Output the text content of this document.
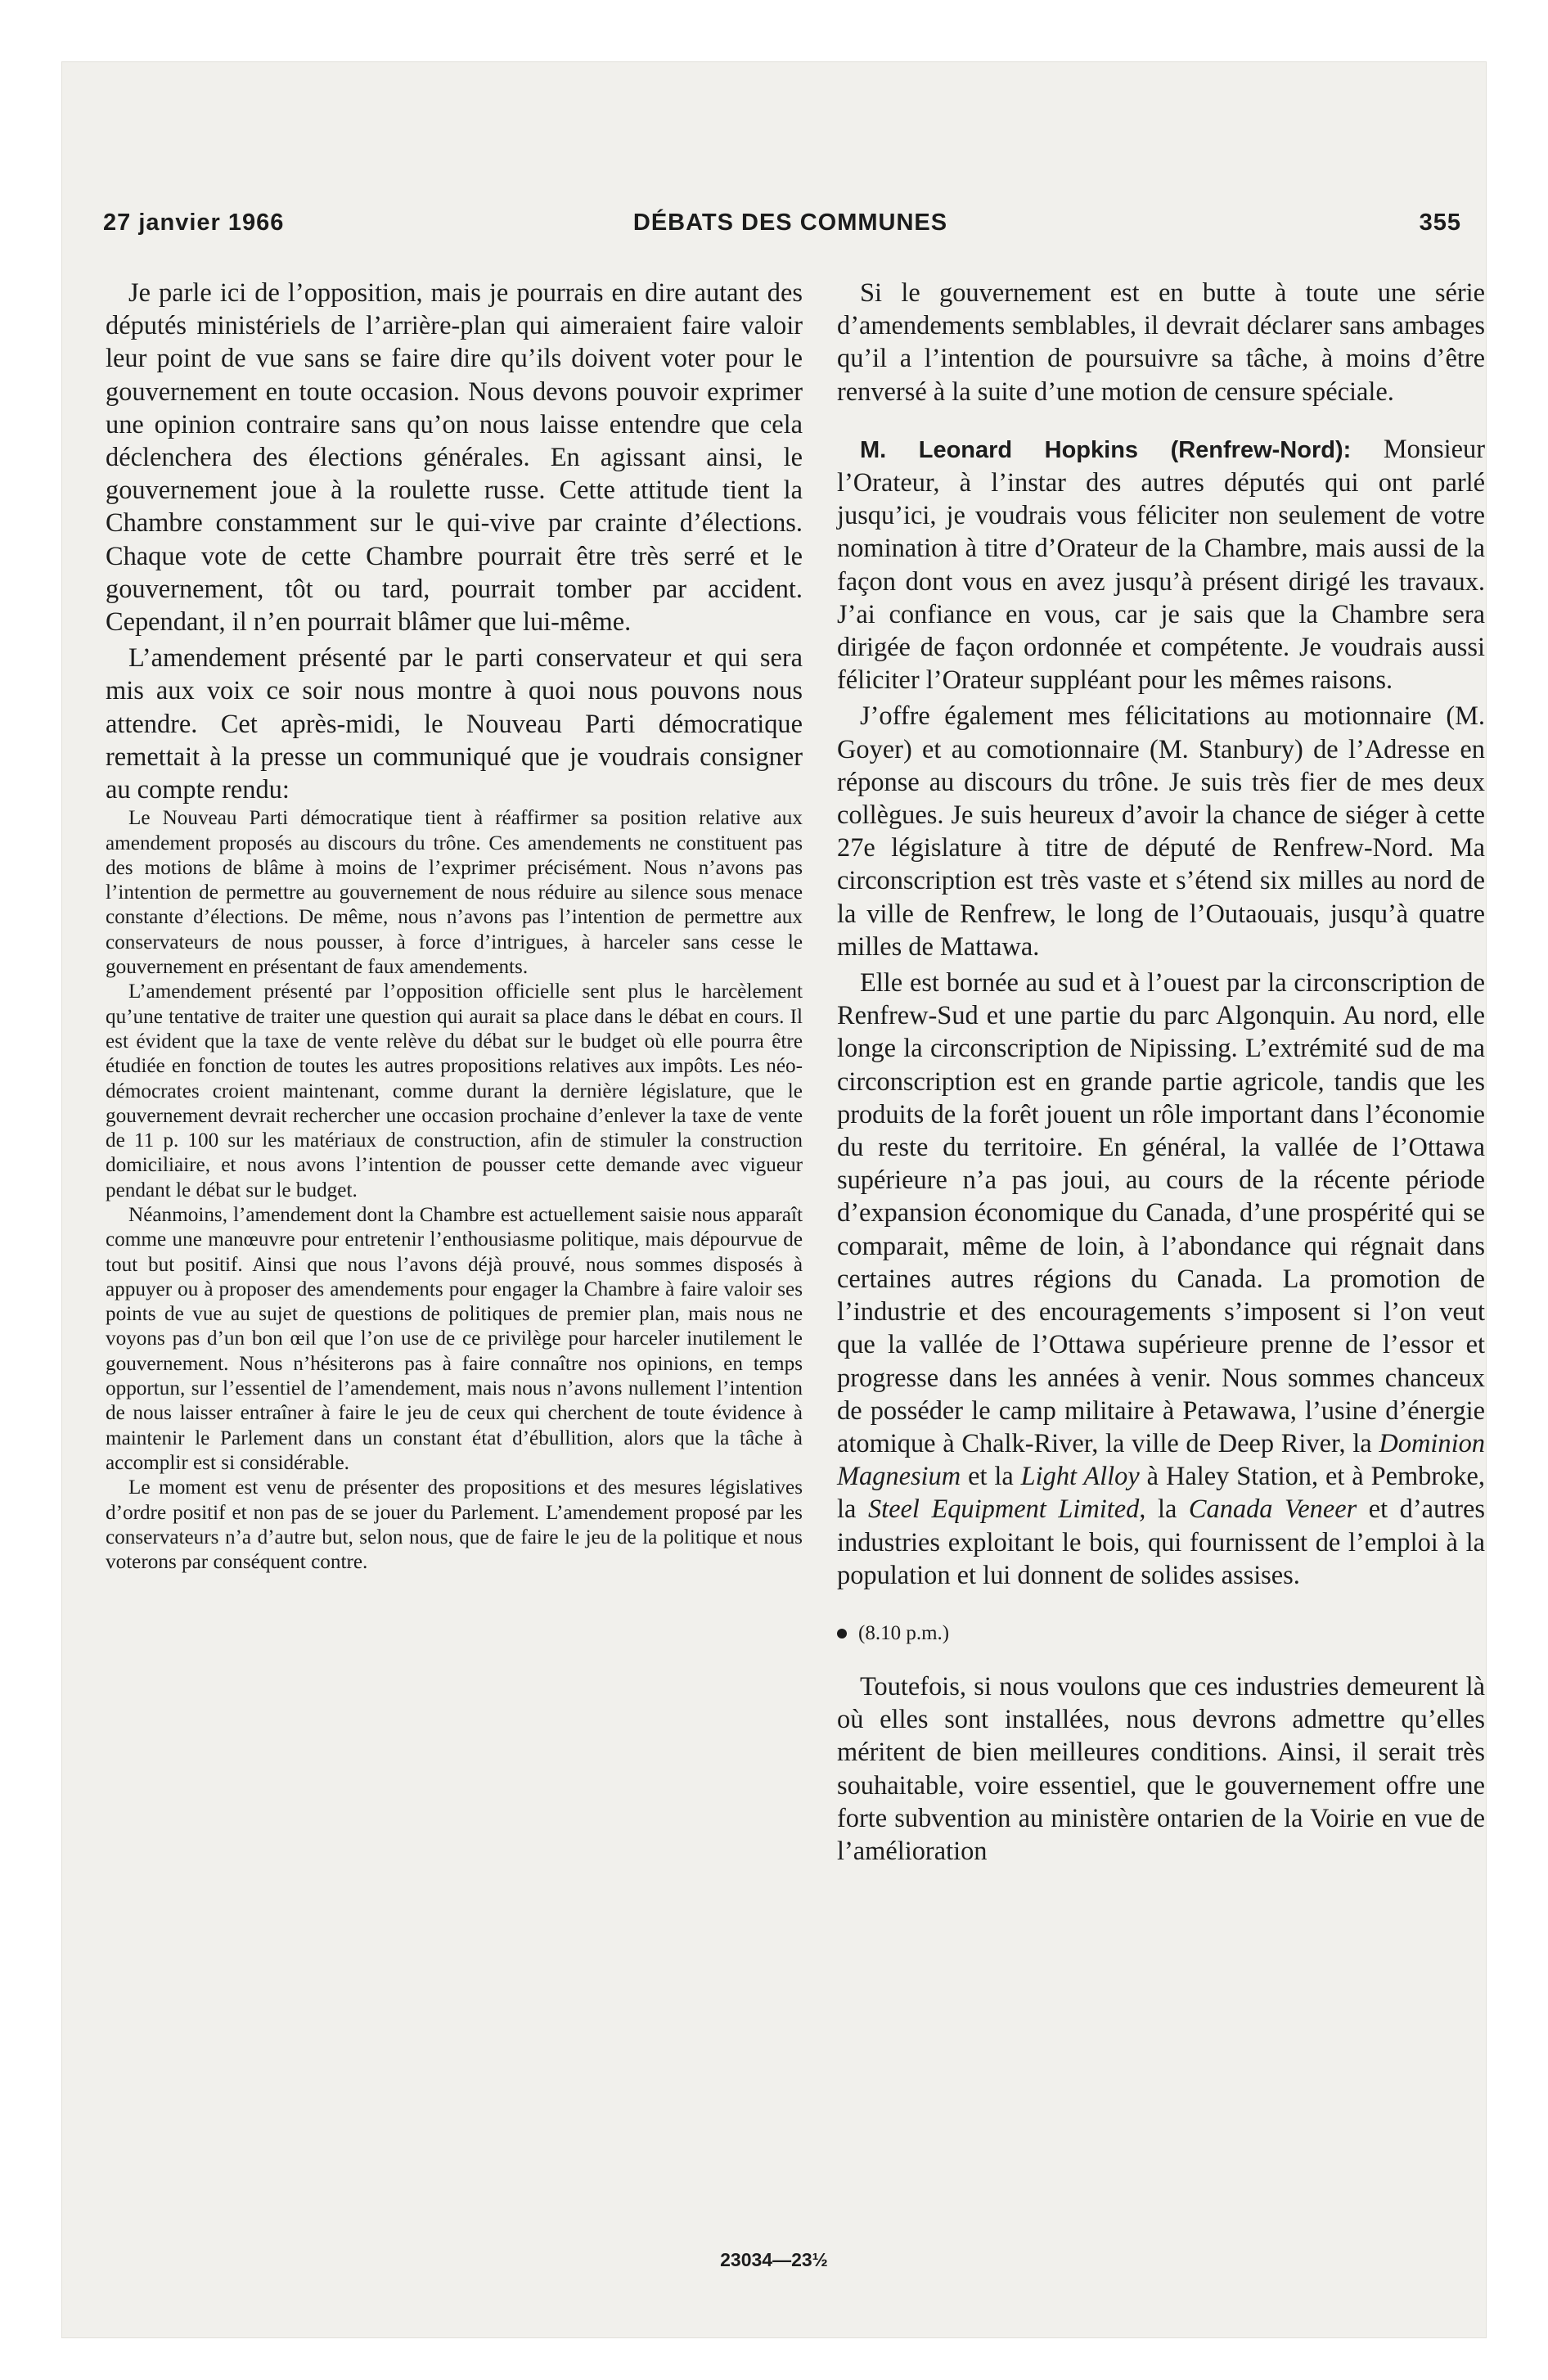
27 janvier 1966	DÉBATS DES COMMUNES	355

Je parle ici de l’opposition, mais je pourrais en dire autant des députés ministériels de l’arrière-plan qui aimeraient faire valoir leur point de vue sans se faire dire qu’ils doivent voter pour le gouvernement en toute occasion. Nous devons pouvoir exprimer une opinion contraire sans qu’on nous laisse entendre que cela déclenchera des élections générales. En agissant ainsi, le gouvernement joue à la roulette russe. Cette attitude tient la Chambre constamment sur le qui-vive par crainte d’élections. Chaque vote de cette Chambre pourrait être très serré et le gouvernement, tôt ou tard, pourrait tomber par accident. Cependant, il n’en pourrait blâmer que lui-même.

L’amendement présenté par le parti conservateur et qui sera mis aux voix ce soir nous montre à quoi nous pouvons nous attendre. Cet après-midi, le Nouveau Parti démocratique remettait à la presse un communiqué que je voudrais consigner au compte rendu:

Le Nouveau Parti démocratique tient à réaffirmer sa position relative aux amendement proposés au discours du trône. Ces amendements ne constituent pas des motions de blâme à moins de l’exprimer précisément. Nous n’avons pas l’intention de permettre au gouvernement de nous réduire au silence sous menace constante d’élections. De même, nous n’avons pas l’intention de permettre aux conservateurs de nous pousser, à force d’intrigues, à harceler sans cesse le gouvernement en présentant de faux amendements.

L’amendement présenté par l’opposition officielle sent plus le harcèlement qu’une tentative de traiter une question qui aurait sa place dans le débat en cours. Il est évident que la taxe de vente relève du débat sur le budget où elle pourra être étudiée en fonction de toutes les autres propositions relatives aux impôts. Les néo-démocrates croient maintenant, comme durant la dernière législature, que le gouvernement devrait rechercher une occasion prochaine d’enlever la taxe de vente de 11 p. 100 sur les matériaux de construction, afin de stimuler la construction domiciliaire, et nous avons l’intention de pousser cette demande avec vigueur pendant le débat sur le budget.

Néanmoins, l’amendement dont la Chambre est actuellement saisie nous apparaît comme une manœuvre pour entretenir l’enthousiasme politique, mais dépourvue de tout but positif. Ainsi que nous l’avons déjà prouvé, nous sommes disposés à appuyer ou à proposer des amendements pour engager la Chambre à faire valoir ses points de vue au sujet de questions de politiques de premier plan, mais nous ne voyons pas d’un bon œil que l’on use de ce privilège pour harceler inutilement le gouvernement. Nous n’hésiterons pas à faire connaître nos opinions, en temps opportun, sur l’essentiel de l’amendement, mais nous n’avons nullement l’intention de nous laisser entraîner à faire le jeu de ceux qui cherchent de toute évidence à maintenir le Parlement dans un constant état d’ébullition, alors que la tâche à accomplir est si considérable.

Le moment est venu de présenter des propositions et des mesures législatives d’ordre positif et non pas de se jouer du Parlement. L’amendement proposé par les conservateurs n’a d’autre but, selon nous, que de faire le jeu de la politique et nous voterons par conséquent contre.

Si le gouvernement est en butte à toute une série d’amendements semblables, il devrait déclarer sans ambages qu’il a l’intention de poursuivre sa tâche, à moins d’être renversé à la suite d’une motion de censure spéciale.

M. Leonard Hopkins (Renfrew-Nord): Monsieur l’Orateur, à l’instar des autres députés qui ont parlé jusqu’ici, je voudrais vous féliciter non seulement de votre nomination à titre d’Orateur de la Chambre, mais aussi de la façon dont vous en avez jusqu’à présent dirigé les travaux. J’ai confiance en vous, car je sais que la Chambre sera dirigée de façon ordonnée et compétente. Je voudrais aussi féliciter l’Orateur suppléant pour les mêmes raisons.

J’offre également mes félicitations au motionnaire (M. Goyer) et au comotionnaire (M. Stanbury) de l’Adresse en réponse au discours du trône. Je suis très fier de mes deux collègues. Je suis heureux d’avoir la chance de siéger à cette 27e législature à titre de député de Renfrew-Nord. Ma circonscription est très vaste et s’étend six milles au nord de la ville de Renfrew, le long de l’Outaouais, jusqu’à quatre milles de Mattawa.

Elle est bornée au sud et à l’ouest par la circonscription de Renfrew-Sud et une partie du parc Algonquin. Au nord, elle longe la circonscription de Nipissing. L’extrémité sud de ma circonscription est en grande partie agricole, tandis que les produits de la forêt jouent un rôle important dans l’économie du reste du territoire. En général, la vallée de l’Ottawa supérieure n’a pas joui, au cours de la récente période d’expansion économique du Canada, d’une prospérité qui se comparait, même de loin, à l’abondance qui régnait dans certaines autres régions du Canada. La promotion de l’industrie et des encouragements s’imposent si l’on veut que la vallée de l’Ottawa supérieure prenne de l’essor et progresse dans les années à venir. Nous sommes chanceux de posséder le camp militaire à Petawawa, l’usine d’énergie atomique à Chalk-River, la ville de Deep River, la Dominion Magnesium et la Light Alloy à Haley Station, et à Pembroke, la Steel Equipment Limited, la Canada Veneer et d’autres industries exploitant le bois, qui fournissent de l’emploi à la population et lui donnent de solides assises.

(8.10 p.m.)

Toutefois, si nous voulons que ces industries demeurent là où elles sont installées, nous devrons admettre qu’elles méritent de bien meilleures conditions. Ainsi, il serait très souhaitable, voire essentiel, que le gouvernement offre une forte subvention au ministère ontarien de la Voirie en vue de l’amélioration

23034—23½
